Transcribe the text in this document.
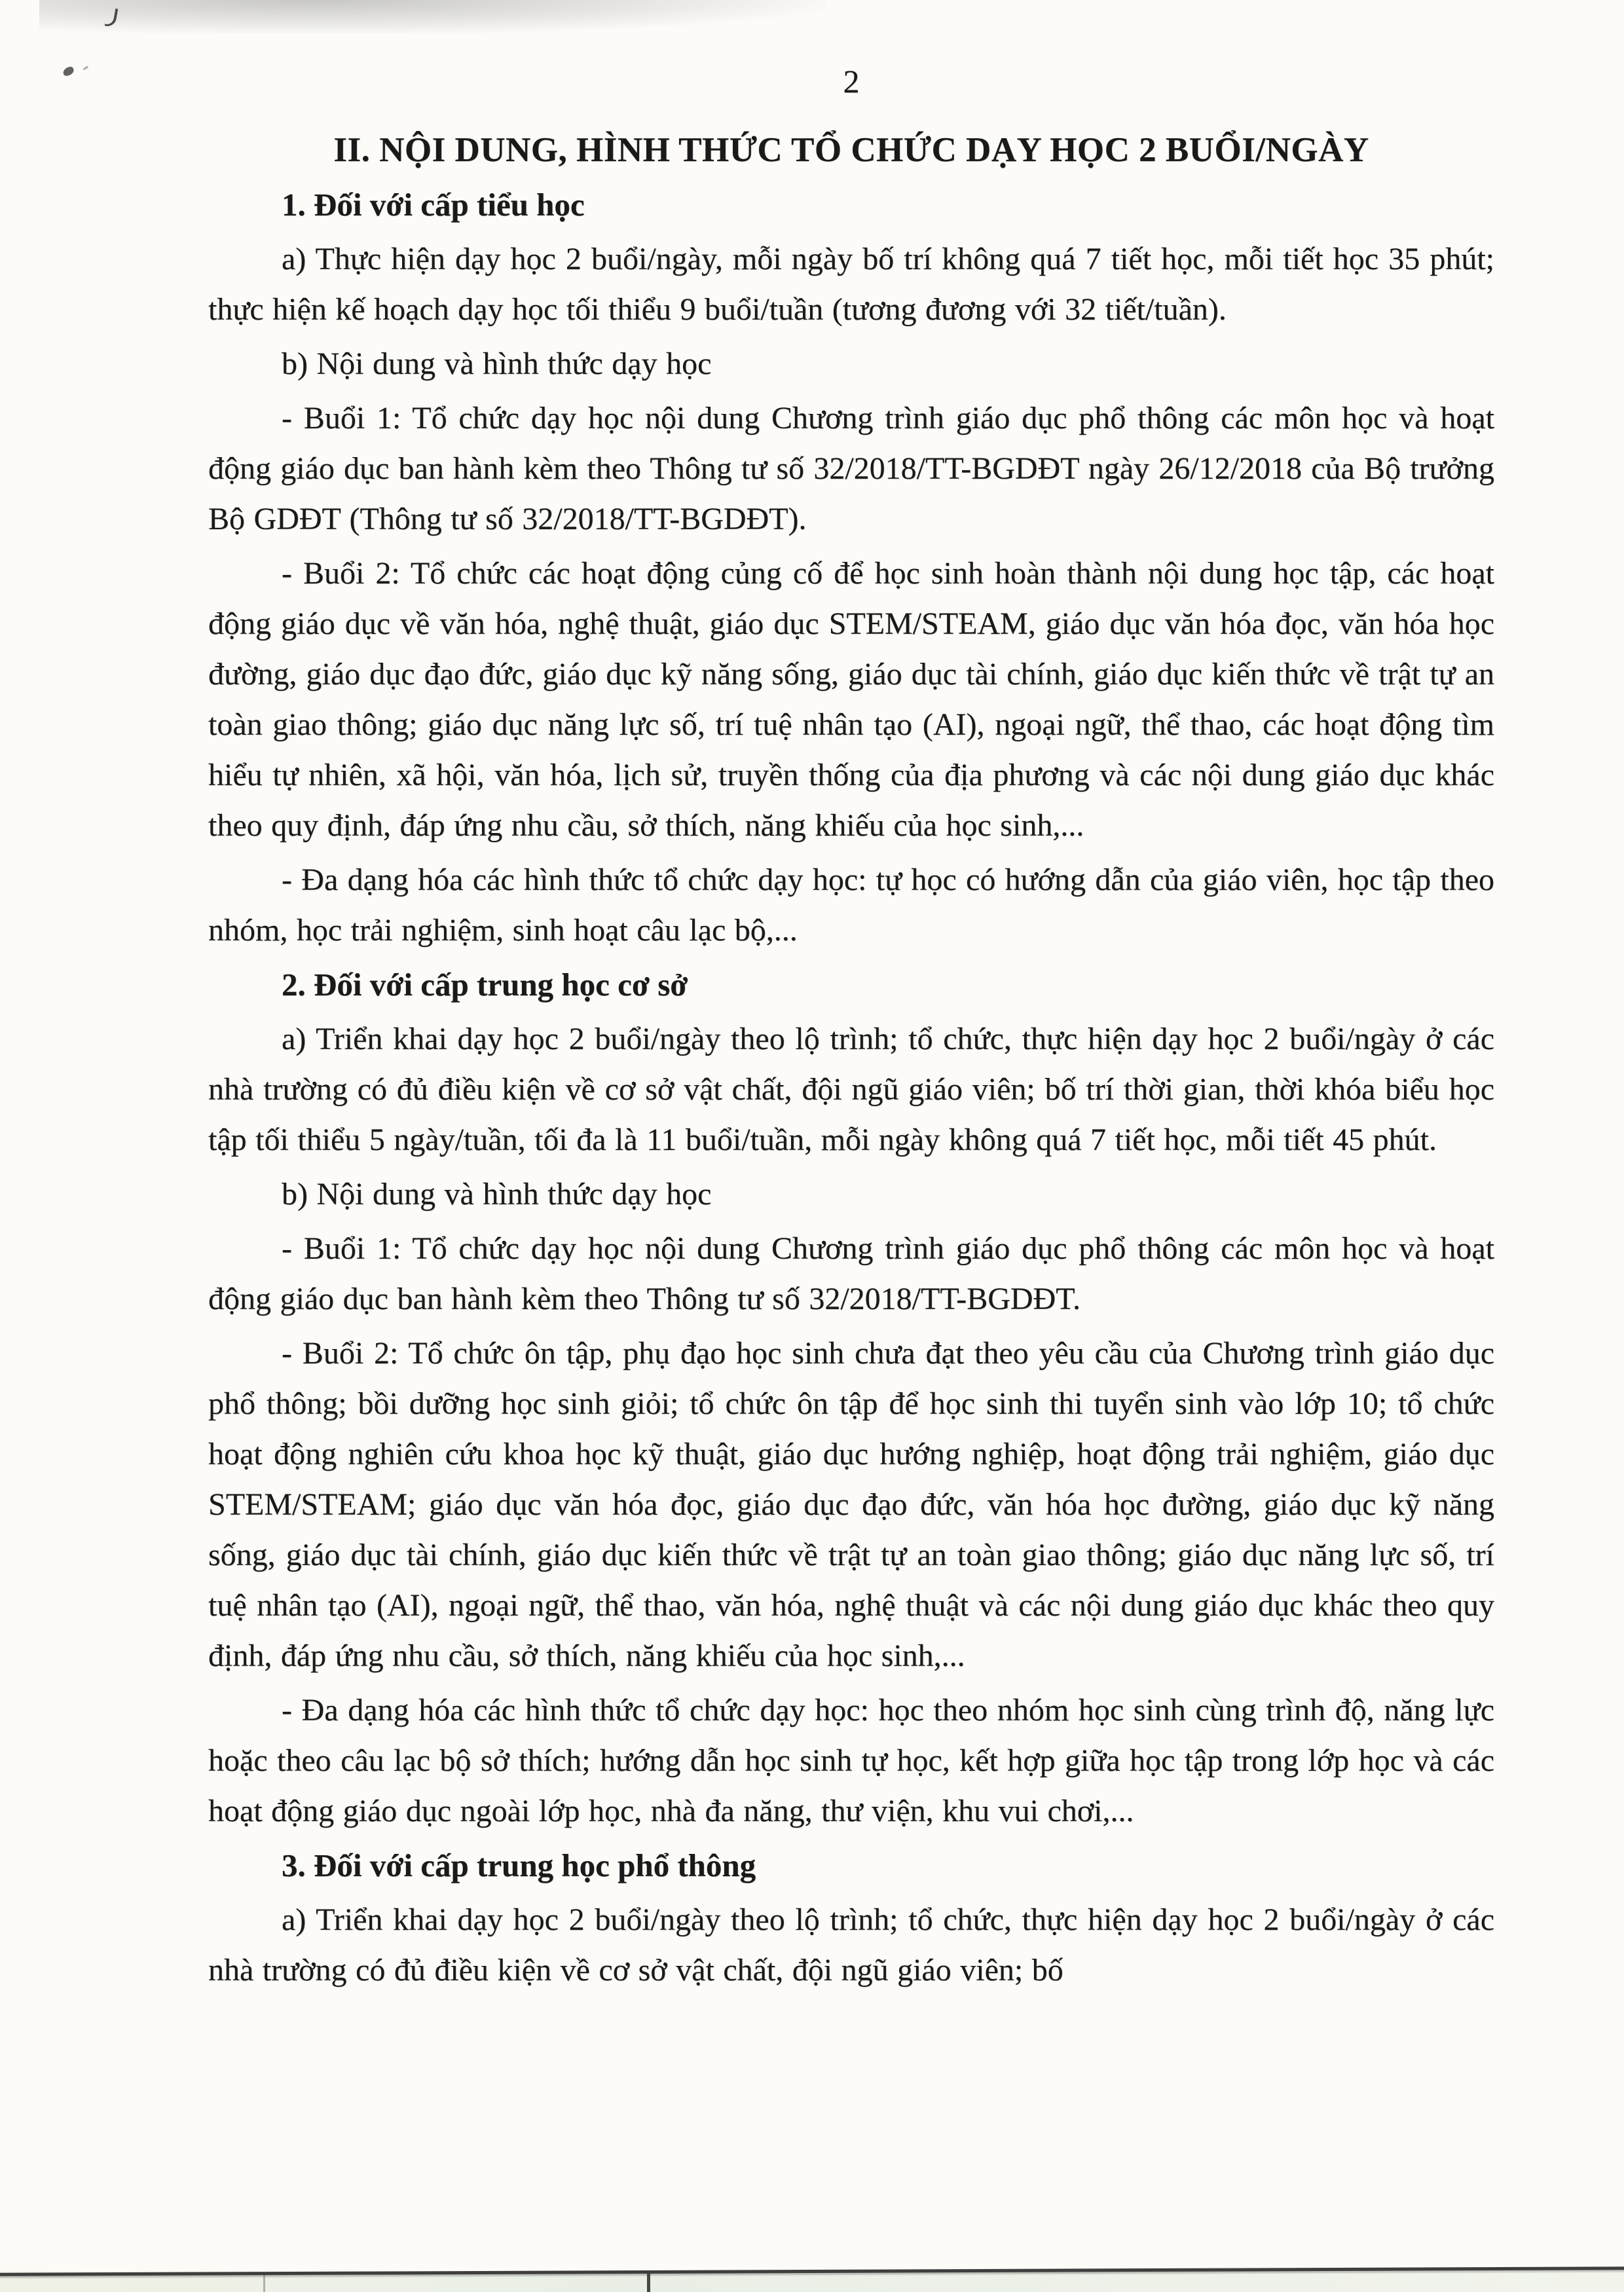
2
II. NỘI DUNG, HÌNH THỨC TỔ CHỨC DẠY HỌC 2 BUỔI/NGÀY
1. Đối với cấp tiểu học

a) Thực hiện dạy học 2 buổi/ngày, mỗi ngày bố trí không quá 7 tiết học, mỗi tiết học 35 phút; thực hiện kế hoạch dạy học tối thiểu 9 buổi/tuần (tương đương với 32 tiết/tuần).

b) Nội dung và hình thức dạy học

- Buổi 1: Tổ chức dạy học nội dung Chương trình giáo dục phổ thông các môn học và hoạt động giáo dục ban hành kèm theo Thông tư số 32/2018/TT-BGDĐT ngày 26/12/2018 của Bộ trưởng Bộ GDĐT (Thông tư số 32/2018/TT-BGDĐT).

- Buổi 2: Tổ chức các hoạt động củng cố để học sinh hoàn thành nội dung học tập, các hoạt động giáo dục về văn hóa, nghệ thuật, giáo dục STEM/STEAM, giáo dục văn hóa đọc, văn hóa học đường, giáo dục đạo đức, giáo dục kỹ năng sống, giáo dục tài chính, giáo dục kiến thức về trật tự an toàn giao thông; giáo dục năng lực số, trí tuệ nhân tạo (AI), ngoại ngữ, thể thao, các hoạt động tìm hiểu tự nhiên, xã hội, văn hóa, lịch sử, truyền thống của địa phương và các nội dung giáo dục khác theo quy định, đáp ứng nhu cầu, sở thích, năng khiếu của học sinh,...

- Đa dạng hóa các hình thức tổ chức dạy học: tự học có hướng dẫn của giáo viên, học tập theo nhóm, học trải nghiệm, sinh hoạt câu lạc bộ,...

2. Đối với cấp trung học cơ sở

a) Triển khai dạy học 2 buổi/ngày theo lộ trình; tổ chức, thực hiện dạy học 2 buổi/ngày ở các nhà trường có đủ điều kiện về cơ sở vật chất, đội ngũ giáo viên; bố trí thời gian, thời khóa biểu học tập tối thiểu 5 ngày/tuần, tối đa là 11 buổi/tuần, mỗi ngày không quá 7 tiết học, mỗi tiết 45 phút.

b) Nội dung và hình thức dạy học

- Buổi 1: Tổ chức dạy học nội dung Chương trình giáo dục phổ thông các môn học và hoạt động giáo dục ban hành kèm theo Thông tư số 32/2018/TT-BGDĐT.

- Buổi 2: Tổ chức ôn tập, phụ đạo học sinh chưa đạt theo yêu cầu của Chương trình giáo dục phổ thông; bồi dưỡng học sinh giỏi; tổ chức ôn tập để học sinh thi tuyển sinh vào lớp 10; tổ chức hoạt động nghiên cứu khoa học kỹ thuật, giáo dục hướng nghiệp, hoạt động trải nghiệm, giáo dục STEM/STEAM; giáo dục văn hóa đọc, giáo dục đạo đức, văn hóa học đường, giáo dục kỹ năng sống, giáo dục tài chính, giáo dục kiến thức về trật tự an toàn giao thông; giáo dục năng lực số, trí tuệ nhân tạo (AI), ngoại ngữ, thể thao, văn hóa, nghệ thuật và các nội dung giáo dục khác theo quy định, đáp ứng nhu cầu, sở thích, năng khiếu của học sinh,...

- Đa dạng hóa các hình thức tổ chức dạy học: học theo nhóm học sinh cùng trình độ, năng lực hoặc theo câu lạc bộ sở thích; hướng dẫn học sinh tự học, kết hợp giữa học tập trong lớp học và các hoạt động giáo dục ngoài lớp học, nhà đa năng, thư viện, khu vui chơi,...

3. Đối với cấp trung học phổ thông

a) Triển khai dạy học 2 buổi/ngày theo lộ trình; tổ chức, thực hiện dạy học 2 buổi/ngày ở các nhà trường có đủ điều kiện về cơ sở vật chất, đội ngũ giáo viên; bố
